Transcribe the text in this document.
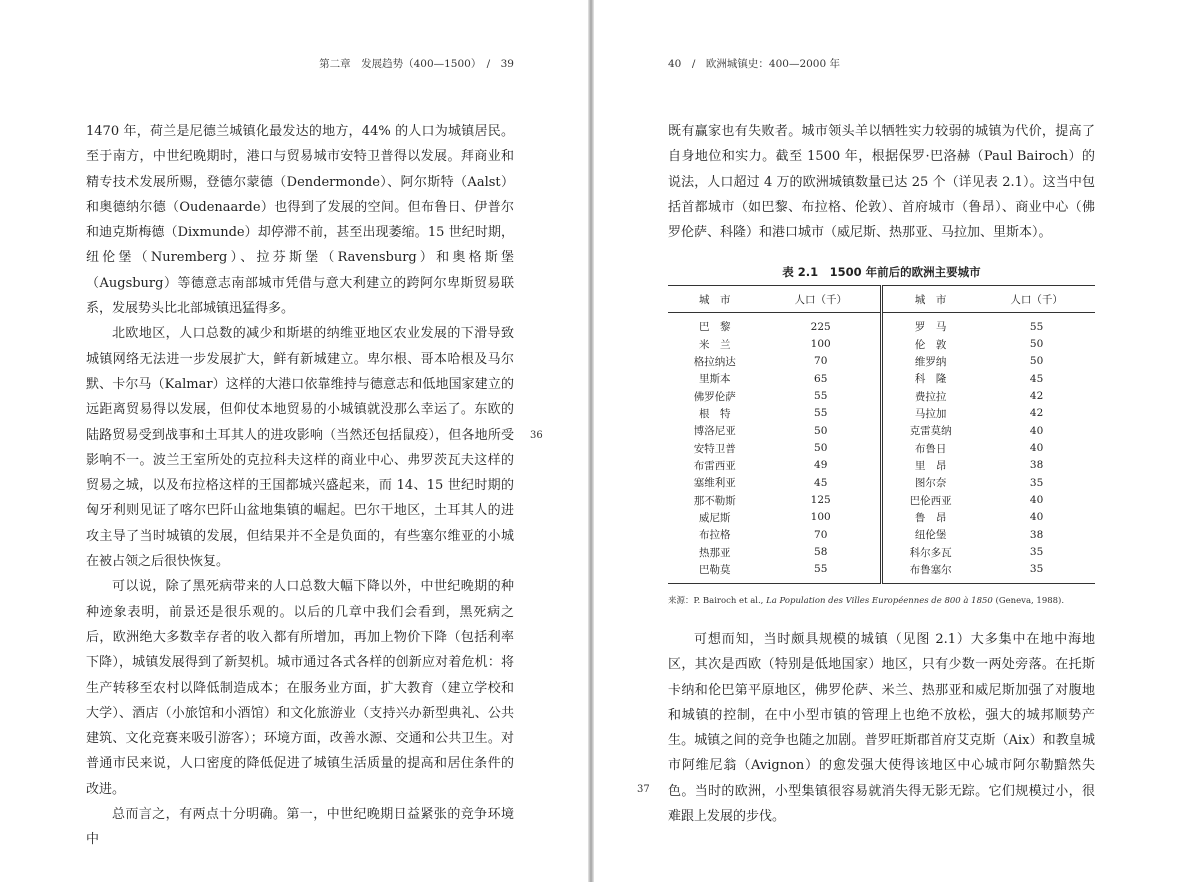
第二章　发展趋势（400—1500）　/　39

1470 年，荷兰是尼德兰城镇化最发达的地方，44% 的人口为城镇居民。至于南方，中世纪晚期时，港口与贸易城市安特卫普得以发展。拜商业和精专技术发展所赐，登德尔蒙德（Dendermonde）、阿尔斯特（Aalst）和奥德纳尔德（Oudenaarde）也得到了发展的空间。但布鲁日、伊普尔和迪克斯梅德（Dixmunde）却停滞不前，甚至出现萎缩。15 世纪时期，纽伦堡（Nuremberg）、拉芬斯堡（Ravensburg）和奥格斯堡（Augsburg）等德意志南部城市凭借与意大利建立的跨阿尔卑斯贸易联系，发展势头比北部城镇迅猛得多。

北欧地区，人口总数的减少和斯堪的纳维亚地区农业发展的下滑导致城镇网络无法进一步发展扩大，鲜有新城建立。卑尔根、哥本哈根及马尔默、卡尔马（Kalmar）这样的大港口依靠维持与德意志和低地国家建立的远距离贸易得以发展，但仰仗本地贸易的小城镇就没那么幸运了。东欧的陆路贸易受到战事和土耳其人的进攻影响（当然还包括鼠疫），但各地所受影响不一。波兰王室所处的克拉科夫这样的商业中心、弗罗茨瓦夫这样的贸易之城，以及布拉格这样的王国都城兴盛起来，而 14、15 世纪时期的匈牙利则见证了喀尔巴阡山盆地集镇的崛起。巴尔干地区，土耳其人的进攻主导了当时城镇的发展，但结果并不全是负面的，有些塞尔维亚的小城在被占领之后很快恢复。

可以说，除了黑死病带来的人口总数大幅下降以外，中世纪晚期的种种迹象表明，前景还是很乐观的。以后的几章中我们会看到，黑死病之后，欧洲绝大多数幸存者的收入都有所增加，再加上物价下降（包括利率下降），城镇发展得到了新契机。城市通过各式各样的创新应对着危机：将生产转移至农村以降低制造成本；在服务业方面，扩大教育（建立学校和大学）、酒店（小旅馆和小酒馆）和文化旅游业（支持兴办新型典礼、公共建筑、文化竞赛来吸引游客）；环境方面，改善水源、交通和公共卫生。对普通市民来说，人口密度的降低促进了城镇生活质量的提高和居住条件的改进。

总而言之，有两点十分明确。第一，中世纪晚期日益紧张的竞争环境中

36
40　/　欧洲城镇史：400—2000 年

既有赢家也有失败者。城市领头羊以牺牲实力较弱的城镇为代价，提高了自身地位和实力。截至 1500 年，根据保罗·巴洛赫（Paul Bairoch）的说法，人口超过 4 万的欧洲城镇数量已达 25 个（详见表 2.1）。这当中包括首都城市（如巴黎、布拉格、伦敦）、首府城市（鲁昂）、商业中心（佛罗伦萨、科隆）和港口城市（威尼斯、热那亚、马拉加、里斯本）。

表 2.1　1500 年前后的欧洲主要城市
城　市	人口（千）	城　市	人口（千）
巴　黎	225	罗　马	55
米　兰	100	伦　敦	50
格拉纳达	70	维罗纳	50
里斯本	65	科　隆	45
佛罗伦萨	55	费拉拉	42
根　特	55	马拉加	42
博洛尼亚	50	克雷莫纳	40
安特卫普	50	布鲁日	40
布雷西亚	49	里　昂	38
塞维利亚	45	图尔奈	35
那不勒斯	125	巴伦西亚	40
威尼斯	100	鲁　昂	40
布拉格	70	纽伦堡	38
热那亚	58	科尔多瓦	35
巴勒莫	55	布鲁塞尔	35
来源：P. Bairoch et al., La Population des Villes Européennes de 800 à 1850 (Geneva, 1988).

可想而知，当时颇具规模的城镇（见图 2.1）大多集中在地中海地区，其次是西欧（特别是低地国家）地区，只有少数一两处旁落。在托斯卡纳和伦巴第平原地区，佛罗伦萨、米兰、热那亚和威尼斯加强了对腹地和城镇的控制，在中小型市镇的管理上也绝不放松，强大的城邦顺势产生。城镇之间的竞争也随之加剧。普罗旺斯郡首府艾克斯（Aix）和教皇城市阿维尼翁（Avignon）的愈发强大使得该地区中心城市阿尔勒黯然失色。当时的欧洲，小型集镇很容易就消失得无影无踪。它们规模过小，很难跟上发展的步伐。

37
